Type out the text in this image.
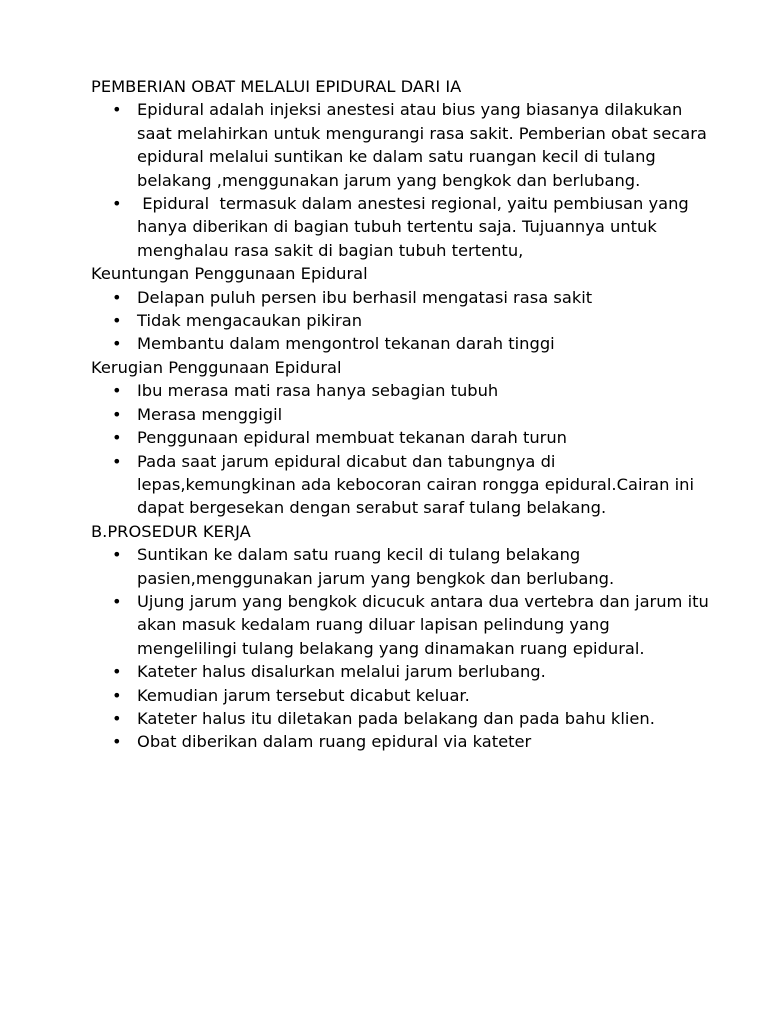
PEMBERIAN OBAT MELALUI EPIDURAL DARI IA

• Epidural adalah injeksi anestesi atau bius yang biasanya dilakukan saat melahirkan untuk mengurangi rasa sakit. Pemberian obat secara epidural melalui suntikan ke dalam satu ruangan kecil di tulang belakang ,menggunakan jarum yang bengkok dan berlubang.
• Epidural  termasuk dalam anestesi regional, yaitu pembiusan yang hanya diberikan di bagian tubuh tertentu saja. Tujuannya untuk menghalau rasa sakit di bagian tubuh tertentu,

Keuntungan Penggunaan Epidural

• Delapan puluh persen ibu berhasil mengatasi rasa sakit
• Tidak mengacaukan pikiran
• Membantu dalam mengontrol tekanan darah tinggi

Kerugian Penggunaan Epidural

• Ibu merasa mati rasa hanya sebagian tubuh
• Merasa menggigil
• Penggunaan epidural membuat tekanan darah turun
• Pada saat jarum epidural dicabut dan tabungnya di lepas,kemungkinan ada kebocoran cairan rongga epidural.Cairan ini dapat bergesekan dengan serabut saraf tulang belakang.

B.PROSEDUR KERJA

• Suntikan ke dalam satu ruang kecil di tulang belakang pasien,menggunakan jarum yang bengkok dan berlubang.
• Ujung jarum yang bengkok dicucuk antara dua vertebra dan jarum itu akan masuk kedalam ruang diluar lapisan pelindung yang mengelilingi tulang belakang yang dinamakan ruang epidural.
• Kateter halus disalurkan melalui jarum berlubang.
• Kemudian jarum tersebut dicabut keluar.
• Kateter halus itu diletakan pada belakang dan pada bahu klien.
• Obat diberikan dalam ruang epidural via kateter
